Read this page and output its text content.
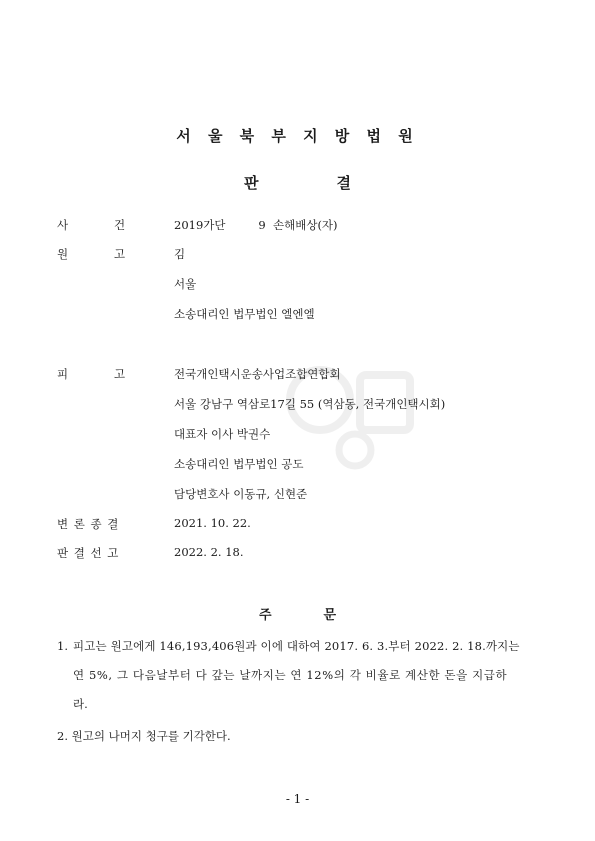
서 울 북 부 지 방 법 원
판	결
사	건	2019가단         9  손해배상(자)
원	고	김
서울
소송대리인 법무법인 엘엔엘
피	고	전국개인택시운송사업조합연합회
서울 강남구 역삼로17길 55 (역삼동, 전국개인택시회)
대표자 이사 박권수
소송대리인 법무법인 공도
담당변호사 이동규, 신현준
변 론 종 결	2021. 10. 22.
판 결 선 고	2022. 2. 18.
주	문
1. 피고는 원고에게 146,193,406원과 이에 대하여 2017. 6. 3.부터 2022. 2. 18.까지는
연 5%, 그 다음날부터 다 갚는 날까지는 연 12%의 각 비율로 계산한 돈을 지급하
라.
2. 원고의 나머지 청구를 기각한다.
- 1 -
